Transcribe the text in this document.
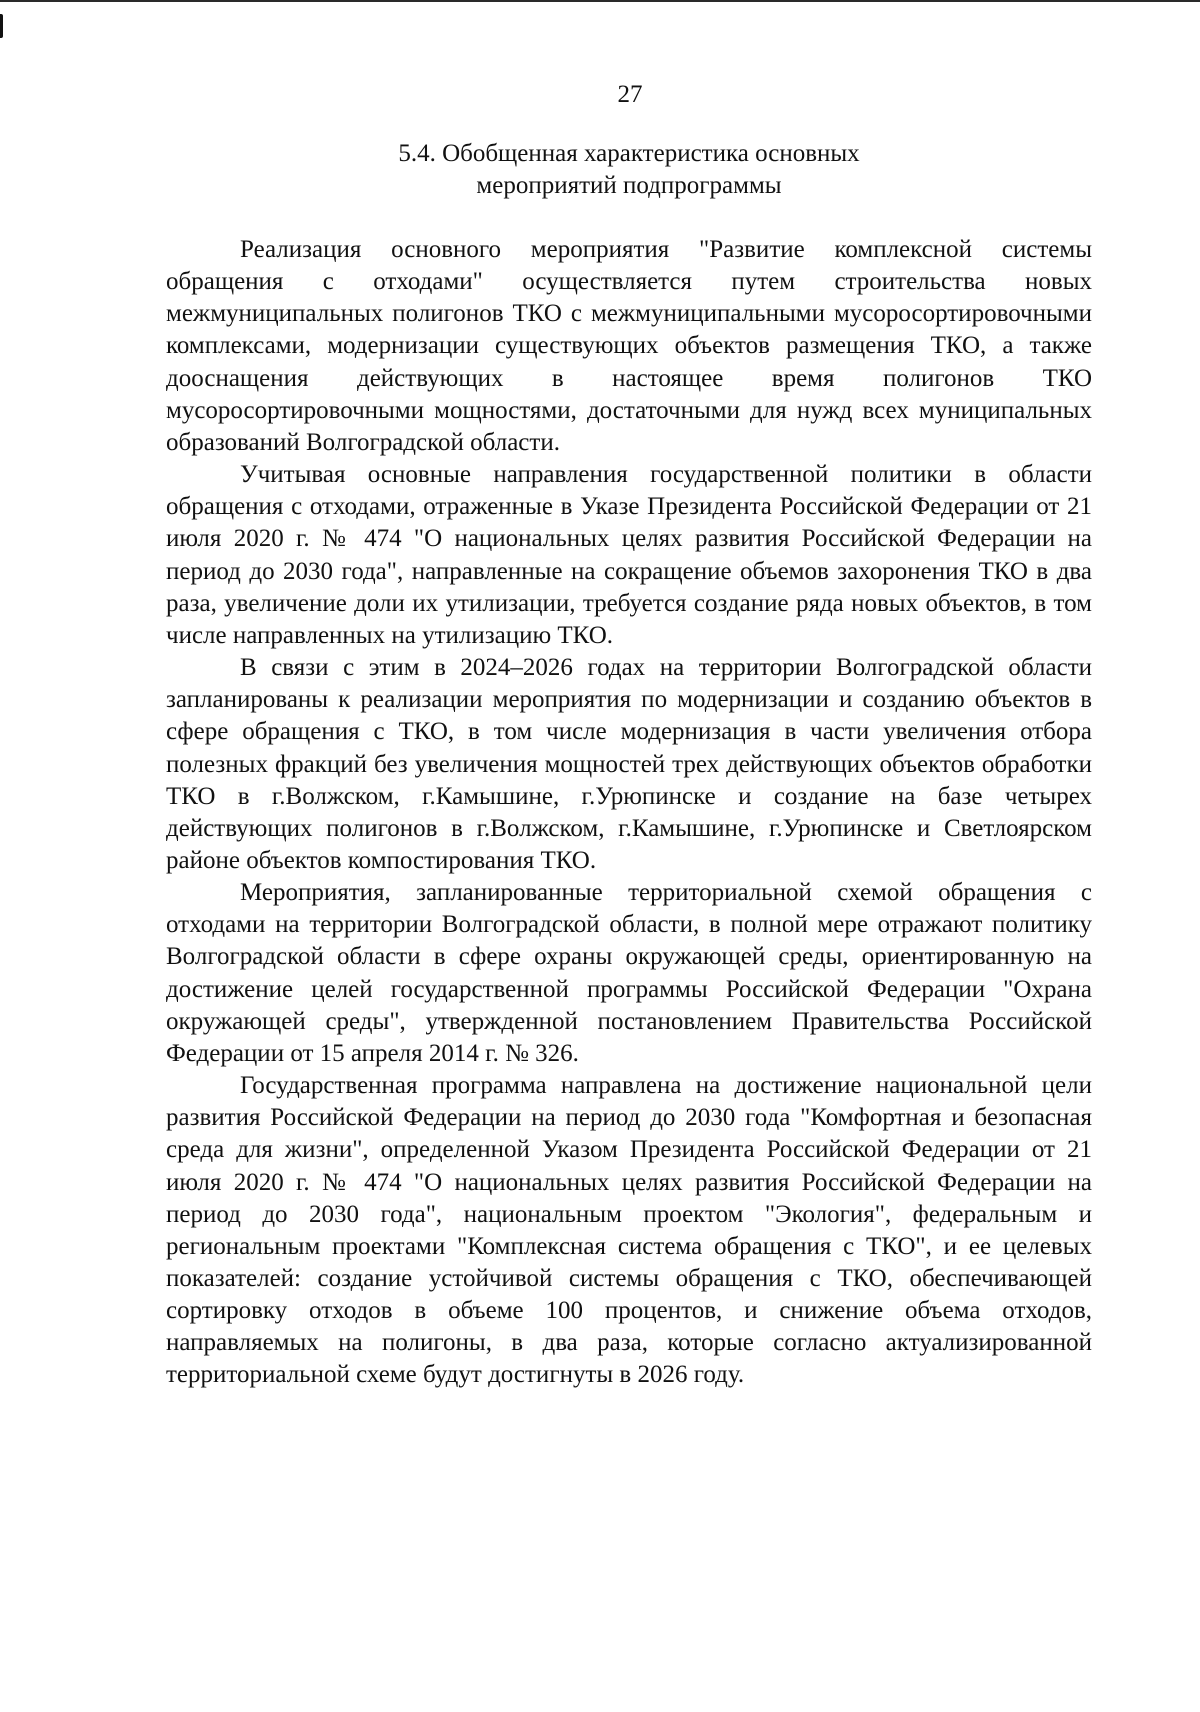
27
5.4. Обобщенная характеристика основных
мероприятий подпрограммы

Реализация основного мероприятия "Развитие комплексной системы обращения с отходами" осуществляется путем строительства новых межмуниципальных полигонов ТКО с межмуниципальными мусоросортировочными комплексами, модернизации существующих объектов размещения ТКО, а также дооснащения действующих в настоящее время полигонов ТКО мусоросортировочными мощностями, достаточными для нужд всех муниципальных образований Волгоградской области.

Учитывая основные направления государственной политики в области обращения с отходами, отраженные в Указе Президента Российской Федерации от 21 июля 2020 г. № 474 "О национальных целях развития Российской Федерации на период до 2030 года", направленные на сокращение объемов захоронения ТКО в два раза, увеличение доли их утилизации, требуется создание ряда новых объектов, в том числе направленных на утилизацию ТКО.

В связи с этим в 2024–2026 годах на территории Волгоградской области запланированы к реализации мероприятия по модернизации и созданию объектов в сфере обращения с ТКО, в том числе модернизация в части увеличения отбора полезных фракций без увеличения мощностей трех действующих объектов обработки ТКО в г.Волжском, г.Камышине, г.Урюпинске и создание на базе четырех действующих полигонов в г.Волжском, г.Камышине, г.Урюпинске и Светлоярском районе объектов компостирования ТКО.

Мероприятия, запланированные территориальной схемой обращения с отходами на территории Волгоградской области, в полной мере отражают политику Волгоградской области в сфере охраны окружающей среды, ориентированную на достижение целей государственной программы Российской Федерации "Охрана окружающей среды", утвержденной постановлением Правительства Российской Федерации от 15 апреля 2014 г. № 326.

Государственная программа направлена на достижение национальной цели развития Российской Федерации на период до 2030 года "Комфортная и безопасная среда для жизни", определенной Указом Президента Российской Федерации от 21 июля 2020 г. № 474 "О национальных целях развития Российской Федерации на период до 2030 года", национальным проектом "Экология", федеральным и региональным проектами "Комплексная система обращения с ТКО", и ее целевых показателей: создание устойчивой системы обращения с ТКО, обеспечивающей сортировку отходов в объеме 100 процентов, и снижение объема отходов, направляемых на полигоны, в два раза, которые согласно актуализированной территориальной схеме будут достигнуты в 2026 году.
